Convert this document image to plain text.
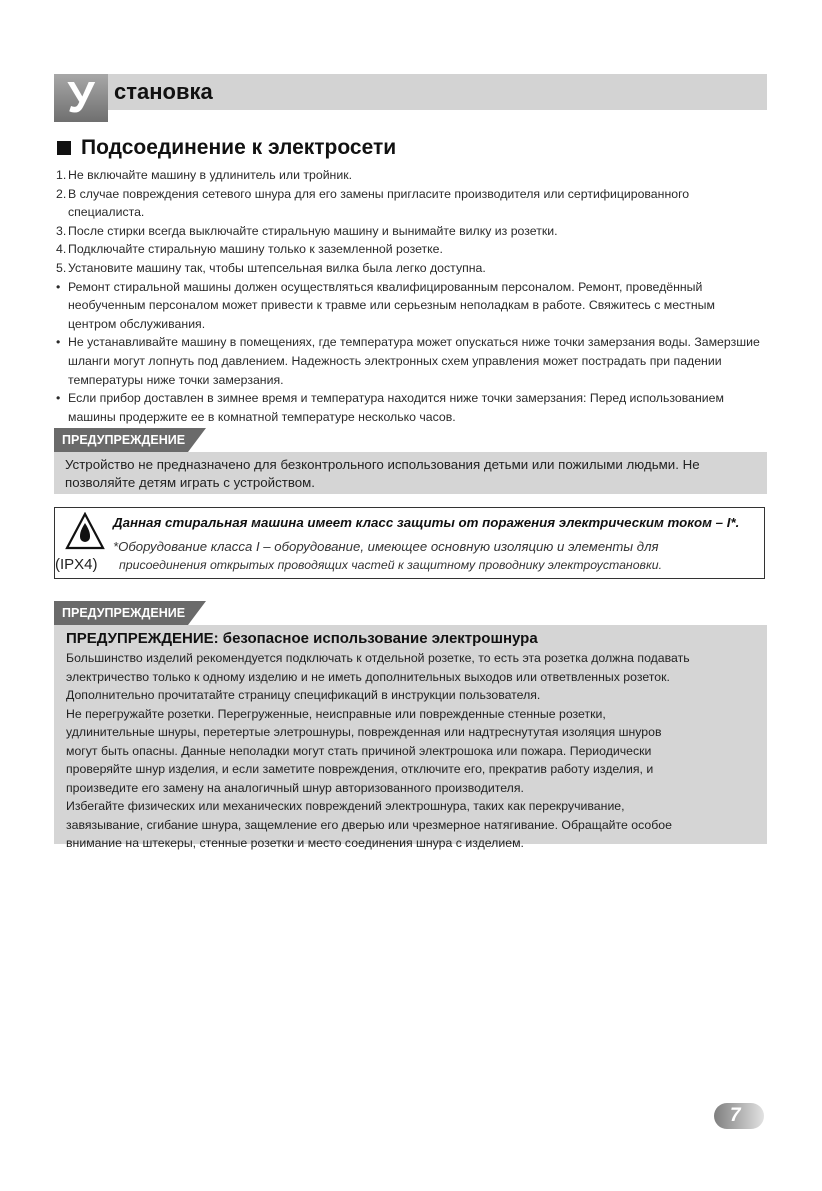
У становка
Подсоединение к электросети
1. Не включайте машину в удлинитель или тройник.
2. В случае повреждения сетевого шнура для его замены пригласите производителя или сертифицированного специалиста.
3. После стирки всегда выключайте стиральную машину и вынимайте вилку из розетки.
4. Подключайте стиральную машину только к заземленной розетке.
5. Установите машину так, чтобы штепсельная вилка была легко доступна.
• Ремонт стиральной машины должен осуществляться квалифицированным персоналом. Ремонт, проведённый необученным персоналом может привести к травме или серьезным неполадкам в работе. Свяжитесь с местным центром обслуживания.
• Не устанавливайте машину в помещениях, где температура может опускаться ниже точки замерзания воды. Замерзшие шланги могут лопнуть под давлением. Надежность электронных схем управления может пострадать при падении температуры ниже точки замерзания.
• Если прибор доставлен в зимнее время и температура находится ниже точки замерзания: Перед использованием машины продержите ее в комнатной температуре несколько часов.
ПРЕДУПРЕЖДЕНИЕ

Устройство не предназначено для безконтрольного использования детьми или пожилыми людьми. Не позволяйте детям играть с устройством.

(IPX4)
Данная стиральная машина имеет класс защиты от поражения электрическим током – I*.
*Оборудование класса I – оборудование, имеющее основную изоляцию и элементы для
присоединения открытых проводящих частей к защитному проводнику электроустановки.
ПРЕДУПРЕЖДЕНИЕ
ПРЕДУПРЕЖДЕНИЕ: безопасное использование электрошнура
Большинство изделий рекомендуется подключать к отдельной розетке, то есть эта розетка должна подавать
электричество только к одному изделию и не иметь дополнительных выходов или ответвленных розеток.
Дополнительно прочитатайте страницу спецификаций в инструкции пользователя.
Не перегружайте розетки. Перегруженные, неисправные или поврежденные стенные розетки,
удлинительные шнуры, перетертые элетрошнуры, поврежденная или надтреснутутая изоляция шнуров
могут быть опасны. Данные неполадки могут стать причиной электрошока или пожара. Периодически
проверяйте шнур изделия, и если заметите повреждения, отключите его, прекратив работу изделия, и
произведите его замену на аналогичный шнур авторизованного производителя.
Избегайте физических или механических повреждений электрошнура, таких как перекручивание,
завязывание, сгибание шнура, защемление его дверью или чрезмерное натягивание. Обращайте особое
внимание на штекеры, стенные розетки и место соединения шнура с изделием.
7
